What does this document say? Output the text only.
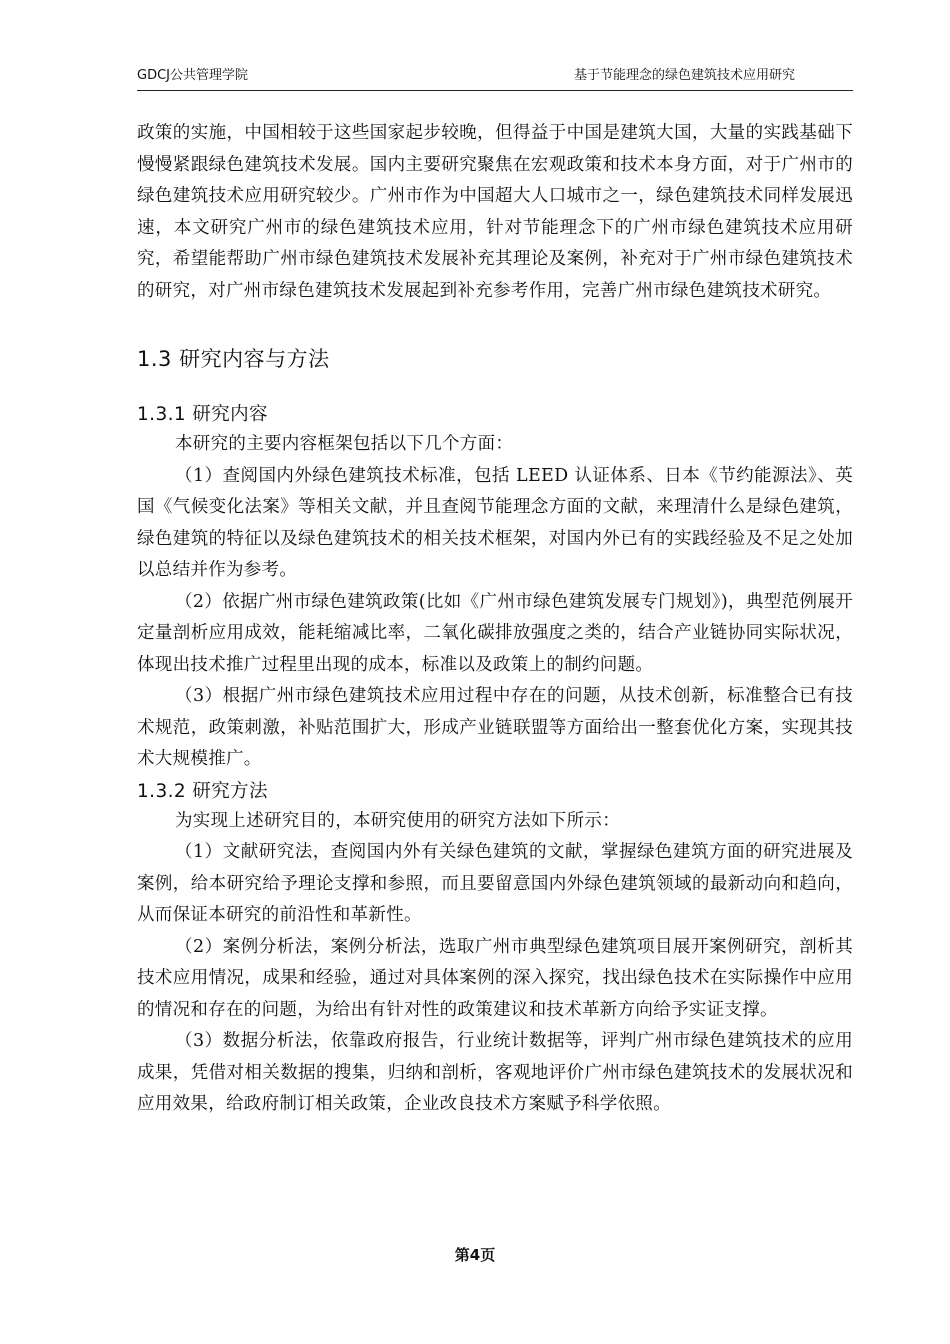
GDCJ公共管理学院	基于节能理念的绿色建筑技术应用研究

政策的实施，中国相较于这些国家起步较晚，但得益于中国是建筑大国，大量的实践基础下慢慢紧跟绿色建筑技术发展。国内主要研究聚焦在宏观政策和技术本身方面，对于广州市的绿色建筑技术应用研究较少。广州市作为中国超大人口城市之一，绿色建筑技术同样发展迅速，本文研究广州市的绿色建筑技术应用，针对节能理念下的广州市绿色建筑技术应用研究，希望能帮助广州市绿色建筑技术发展补充其理论及案例，补充对于广州市绿色建筑技术的研究，对广州市绿色建筑技术发展起到补充参考作用，完善广州市绿色建筑技术研究。

1.3 研究内容与方法
1.3.1 研究内容

本研究的主要内容框架包括以下几个方面：

（1）查阅国内外绿色建筑技术标准，包括 LEED 认证体系、日本《节约能源法》、英国《气候变化法案》等相关文献，并且查阅节能理念方面的文献，来理清什么是绿色建筑，绿色建筑的特征以及绿色建筑技术的相关技术框架，对国内外已有的实践经验及不足之处加以总结并作为参考。

（2）依据广州市绿色建筑政策(比如《广州市绿色建筑发展专门规划》)，典型范例展开定量剖析应用成效，能耗缩减比率，二氧化碳排放强度之类的，结合产业链协同实际状况，体现出技术推广过程里出现的成本，标准以及政策上的制约问题。

（3）根据广州市绿色建筑技术应用过程中存在的问题，从技术创新，标准整合已有技术规范，政策刺激，补贴范围扩大，形成产业链联盟等方面给出一整套优化方案，实现其技术大规模推广。

1.3.2 研究方法

为实现上述研究目的，本研究使用的研究方法如下所示：

（1）文献研究法，查阅国内外有关绿色建筑的文献，掌握绿色建筑方面的研究进展及案例，给本研究给予理论支撑和参照，而且要留意国内外绿色建筑领域的最新动向和趋向，从而保证本研究的前沿性和革新性。

（2）案例分析法，案例分析法，选取广州市典型绿色建筑项目展开案例研究，剖析其技术应用情况，成果和经验，通过对具体案例的深入探究，找出绿色技术在实际操作中应用的情况和存在的问题，为给出有针对性的政策建议和技术革新方向给予实证支撑。

（3）数据分析法，依靠政府报告，行业统计数据等，评判广州市绿色建筑技术的应用成果，凭借对相关数据的搜集，归纳和剖析，客观地评价广州市绿色建筑技术的发展状况和应用效果，给政府制订相关政策，企业改良技术方案赋予科学依照。

第4页
